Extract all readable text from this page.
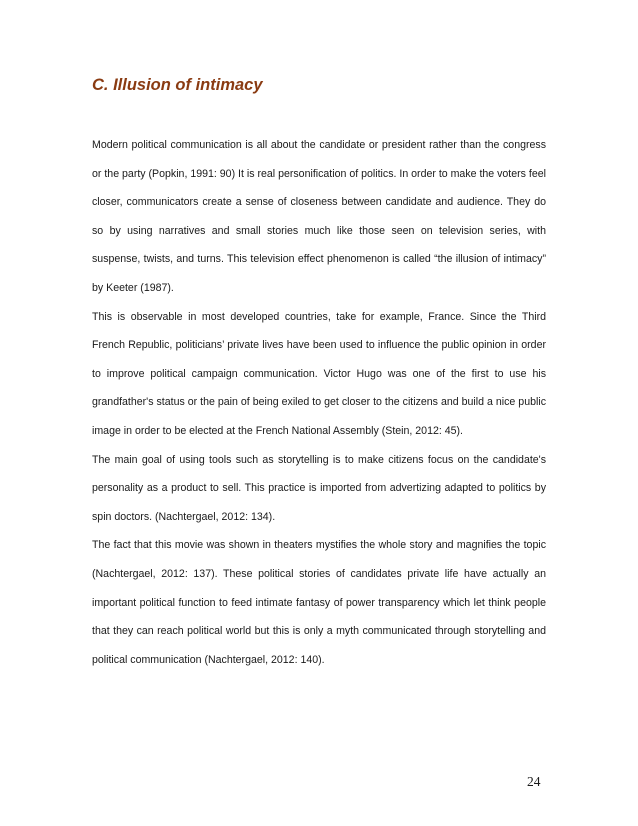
C. Illusion of intimacy

Modern political communication is all about the candidate or president rather than the congress or the party (Popkin, 1991: 90) It is real personification of politics. In order to make the voters feel closer, communicators create a sense of closeness between candidate and audience. They do so by using narratives and small stories much like those seen on television series, with suspense, twists, and turns. This television effect phenomenon is called “the illusion of intimacy” by Keeter (1987).

This is observable in most developed countries, take for example, France. Since the Third French Republic, politicians’ private lives have been used to influence the public opinion in order to improve political campaign communication. Victor Hugo was one of the first to use his grandfather's status or the pain of being exiled to get closer to the citizens and build a nice public image in order to be elected at the French National Assembly (Stein, 2012: 45).

The main goal of using tools such as storytelling is to make citizens focus on the candidate's personality as a product to sell. This practice is imported from advertizing adapted to politics by spin doctors. (Nachtergael, 2012: 134).

The fact that this movie was shown in theaters mystifies the whole story and magnifies the topic (Nachtergael, 2012: 137). These political stories of candidates private life have actually an important political function to feed intimate fantasy of power transparency which let think people that they can reach political world but this is only a myth communicated through storytelling and political communication (Nachtergael, 2012: 140).

24
